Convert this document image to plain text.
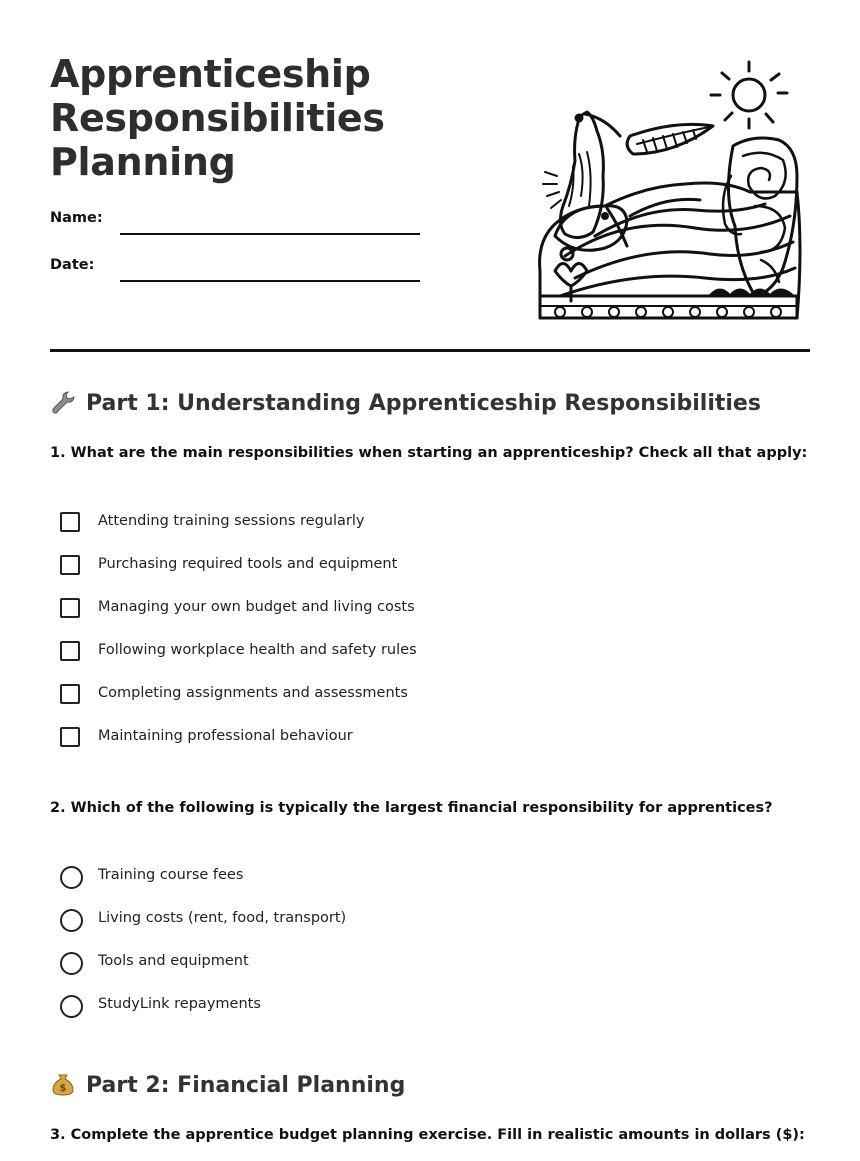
Apprenticeship
Responsibilities
Planning
Name:
Date:
Part 1: Understanding Apprenticeship Responsibilities

1. What are the main responsibilities when starting an apprenticeship? Check all that apply:

Attending training sessions regularly
Purchasing required tools and equipment
Managing your own budget and living costs
Following workplace health and safety rules
Completing assignments and assessments
Maintaining professional behaviour

2. Which of the following is typically the largest financial responsibility for apprentices?

Training course fees
Living costs (rent, food, transport)
Tools and equipment
StudyLink repayments
$ Part 2: Financial Planning

3. Complete the apprentice budget planning exercise. Fill in realistic amounts in dollars ($):
